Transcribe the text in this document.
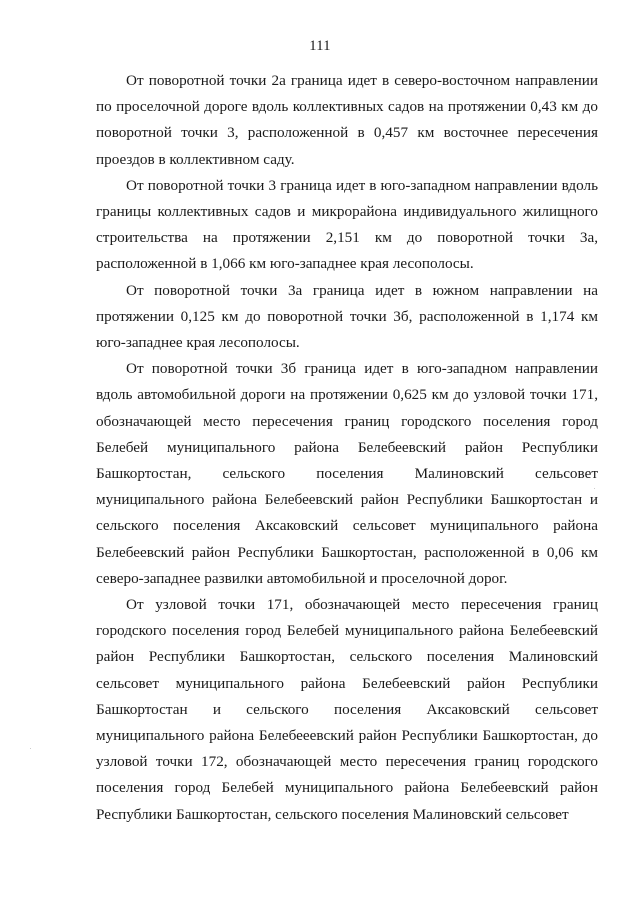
111

От поворотной точки 2а граница идет в северо-восточном направлении по проселочной дороге вдоль коллективных садов на протяжении 0,43 км до поворотной точки 3, расположенной в 0,457 км восточнее пересечения проездов в коллективном саду.

От поворотной точки 3 граница идет в юго-западном направлении вдоль границы коллективных садов и микрорайона индивидуального жилищного строительства на протяжении 2,151 км до поворотной точки 3а, расположенной в 1,066 км юго-западнее края лесополосы.

От поворотной точки 3а граница идет в южном направлении на протяжении 0,125 км до поворотной точки 3б, расположенной в 1,174 км юго-западнее края лесополосы.

От поворотной точки 3б граница идет в юго-западном направлении вдоль автомобильной дороги на протяжении 0,625 км до узловой точки 171, обозначающей место пересечения границ городского поселения город Белебей муниципального района Белебеевский район Республики Башкортостан, сельского поселения Малиновский сельсовет муниципального района Белебеевский район Республики Башкортостан и сельского поселения Аксаковский сельсовет муниципального района Белебеевский район Республики Башкортостан, расположенной в 0,06 км северо-западнее развилки автомобильной и проселочной дорог.

От узловой точки 171, обозначающей место пересечения границ городского поселения город Белебей муниципального района Белебеевский район Республики Башкортостан, сельского поселения Малиновский сельсовет муниципального района Белебеевский район Республики Башкортостан и сельского поселения Аксаковский сельсовет муниципального района Белебееевский район Республики Башкортостан, до узловой точки 172, обозначающей место пересечения границ городского поселения город Белебей муниципального района Белебеевский район Республики Башкортостан, сельского поселения Малиновский сельсовет
